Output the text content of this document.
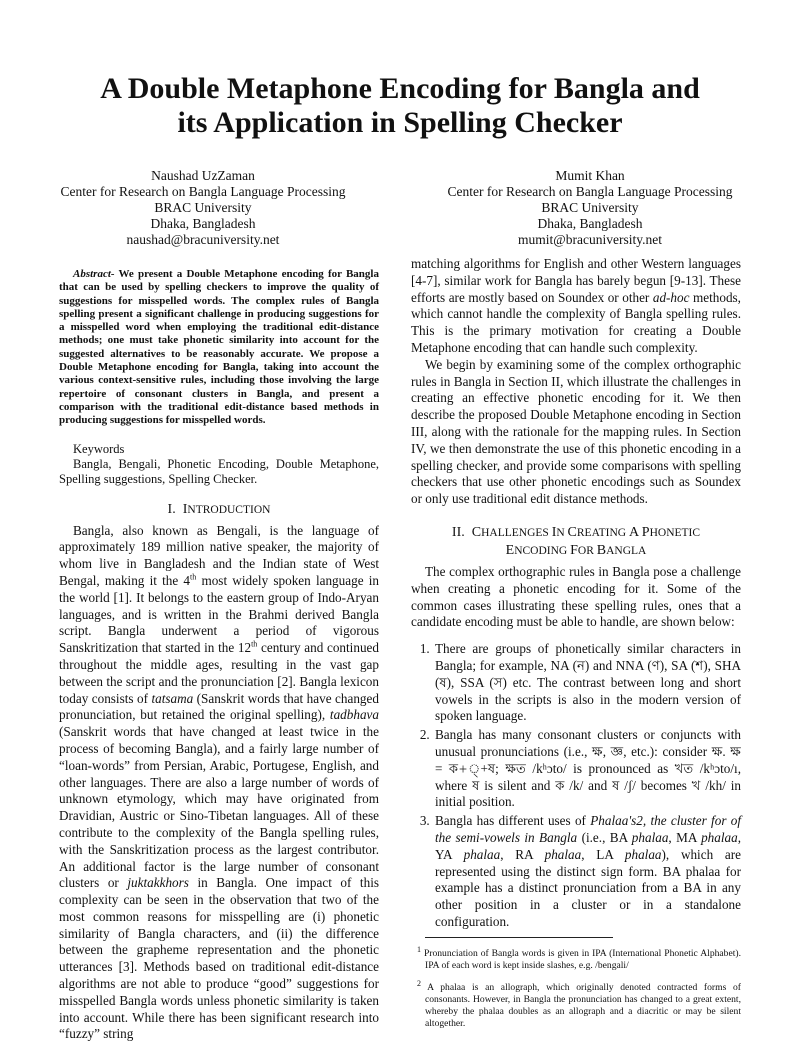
A Double Metaphone Encoding for Bangla and
its Application in Spelling Checker
Naushad UzZaman
Center for Research on Bangla Language Processing
BRAC University
Dhaka, Bangladesh
naushad@bracuniversity.net
Mumit Khan
Center for Research on Bangla Language Processing
BRAC University
Dhaka, Bangladesh
mumit@bracuniversity.net

Abstract- We present a Double Metaphone encoding for Bangla that can be used by spelling checkers to improve the quality of suggestions for misspelled words. The complex rules of Bangla spelling present a significant challenge in producing suggestions for a misspelled word when employing the traditional edit-distance methods; one must take phonetic similarity into account for the suggested alternatives to be reasonably accurate. We propose a Double Metaphone encoding for Bangla, taking into account the various context-sensitive rules, including those involving the large repertoire of consonant clusters in Bangla, and present a comparison with the traditional edit-distance based methods in producing suggestions for misspelled words.

Keywords

Bangla, Bengali, Phonetic Encoding, Double Metaphone, Spelling suggestions, Spelling Checker.

I. INTRODUCTION

Bangla, also known as Bengali, is the language of approximately 189 million native speaker, the majority of whom live in Bangladesh and the Indian state of West Bengal, making it the 4th most widely spoken language in the world [1]. It belongs to the eastern group of Indo-Aryan languages, and is written in the Brahmi derived Bangla script. Bangla underwent a period of vigorous Sanskritization that started in the 12th century and continued throughout the middle ages, resulting in the vast gap between the script and the pronunciation [2]. Bangla lexicon today consists of tatsama (Sanskrit words that have changed pronunciation, but retained the original spelling), tadbhava (Sanskrit words that have changed at least twice in the process of becoming Bangla), and a fairly large number of “loan-words” from Persian, Arabic, Portugese, English, and other languages. There are also a large number of words of unknown etymology, which may have originated from Dravidian, Austric or Sino-Tibetan languages. All of these contribute to the complexity of the Bangla spelling rules, with the Sanskritization process as the largest contributor. An additional factor is the large number of consonant clusters or juktakkhors in Bangla. One impact of this complexity can be seen in the observation that two of the most common reasons for misspelling are (i) phonetic similarity of Bangla characters, and (ii) the difference between the grapheme representation and the phonetic utterances [3]. Methods based on traditional edit-distance algorithms are not able to produce “good” suggestions for misspelled Bangla words unless phonetic similarity is taken into account. While there has been significant research into “fuzzy” string

matching algorithms for English and other Western languages [4-7], similar work for Bangla has barely begun [9-13]. These efforts are mostly based on Soundex or other ad-hoc methods, which cannot handle the complexity of Bangla spelling rules. This is the primary motivation for creating a Double Metaphone encoding that can handle such complexity.

We begin by examining some of the complex orthographic rules in Bangla in Section II, which illustrate the challenges in creating an effective phonetic encoding for it. We then describe the proposed Double Metaphone encoding in Section III, along with the rationale for the mapping rules. In Section IV, we then demonstrate the use of this phonetic encoding in a spelling checker, and provide some comparisons with spelling checkers that use other phonetic encodings such as Soundex or only use traditional edit distance methods.

II. CHALLENGES IN CREATING A PHONETIC
ENCODING FOR BANGLA

The complex orthographic rules in Bangla pose a challenge when creating a phonetic encoding for it. Some of the common cases illustrating these spelling rules, ones that a candidate encoding must be able to handle, are shown below:

1. There are groups of phonetically similar characters in Bangla; for example, NA (ন) and NNA (ণ), SA (শ), SHA (ষ), SSA (স) etc. The contrast between long and short vowels in the scripts is also in the modern version of spoken language.
2. Bangla has many consonant clusters or conjuncts with unusual pronunciations (i.e., ক্ষ, জ্ঞ, etc.): consider ক্ষ. ক্ষ = ক+্+ষ; ক্ষত /kʰɔto/ is pronounced as খত /kʰɔto/ı, where ষ is silent and ক /k/ and ষ /ʃ/ becomes খ /kh/ in initial position.
3. Bangla has different uses of Phalaa's2, the cluster for of the semi-vowels in Bangla (i.e., BA phalaa, MA phalaa, YA phalaa, RA phalaa, LA phalaa), which are represented using the distinct sign form. BA phalaa for example has a distinct pronunciation from a BA in any other position in a cluster or in a standalone configuration.

$^1$ Pronunciation of Bangla words is given in IPA (International Phonetic Alphabet). IPA of each word is kept inside slashes, e.g. /bengali/

$^2$ A phalaa is an allograph, which originally denoted contracted forms of consonants. However, in Bangla the pronunciation has changed to a great extent, whereby the phalaa doubles as an allograph and a diacritic or may be silent altogether.
